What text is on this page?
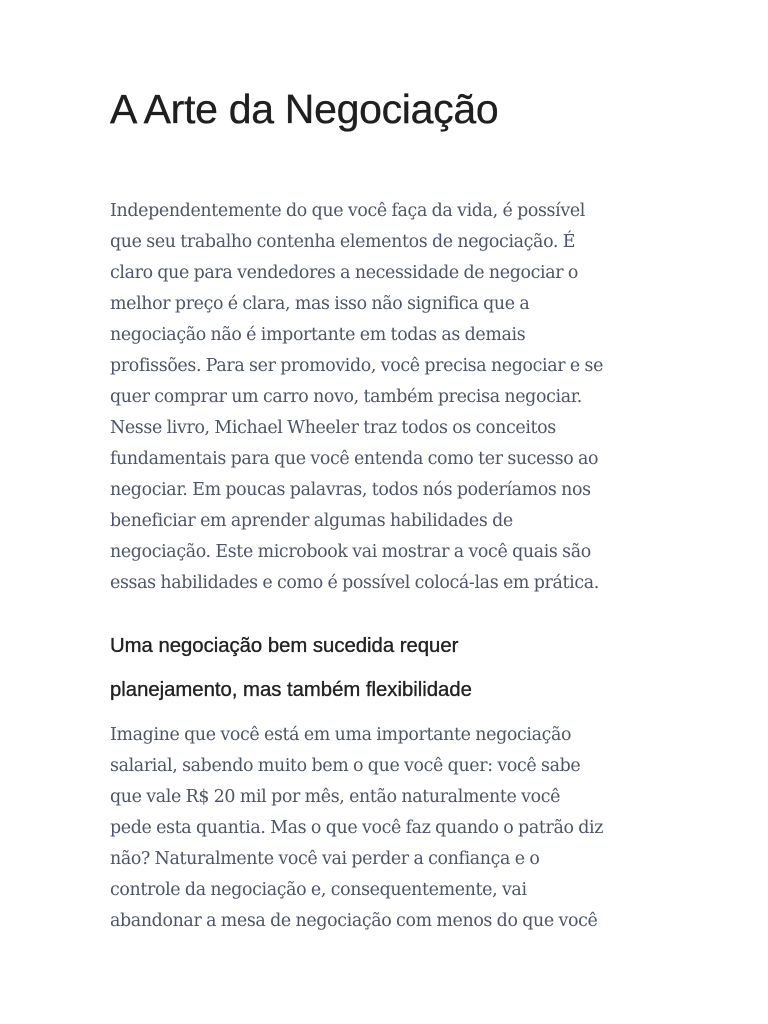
A Arte da Negociação

Independentemente do que você faça da vida, é possível
que seu trabalho contenha elementos de negociação. É
claro que para vendedores a necessidade de negociar o
melhor preço é clara, mas isso não significa que a
negociação não é importante em todas as demais
profissões. Para ser promovido, você precisa negociar e se
quer comprar um carro novo, também precisa negociar.
Nesse livro, Michael Wheeler traz todos os conceitos
fundamentais para que você entenda como ter sucesso ao
negociar. Em poucas palavras, todos nós poderíamos nos
beneficiar em aprender algumas habilidades de
negociação. Este microbook vai mostrar a você quais são
essas habilidades e como é possível colocá-las em prática.

Uma negociação bem sucedida requer
planejamento, mas também flexibilidade

Imagine que você está em uma importante negociação
salarial, sabendo muito bem o que você quer: você sabe
que vale R$ 20 mil por mês, então naturalmente você
pede esta quantia. Mas o que você faz quando o patrão diz
não? Naturalmente você vai perder a confiança e o
controle da negociação e, consequentemente, vai
abandonar a mesa de negociação com menos do que você
